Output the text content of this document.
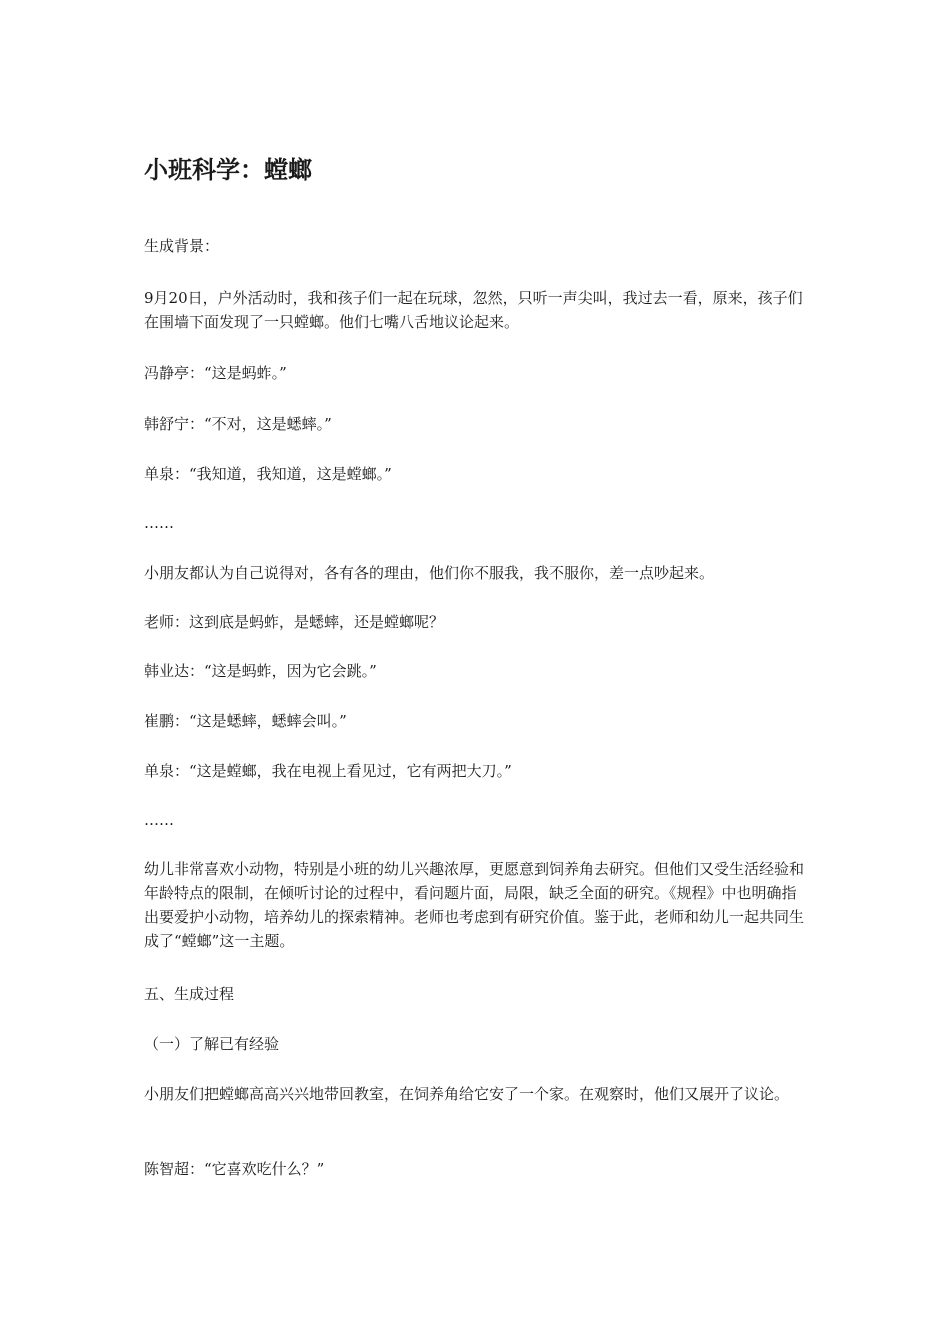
小班科学：螳螂

生成背景：

9月20日，户外活动时，我和孩子们一起在玩球，忽然，只听一声尖叫，我过去一看，原来，孩子们在围墙下面发现了一只螳螂。他们七嘴八舌地议论起来。

冯静亭：“这是蚂蚱。”

韩舒宁：“不对，这是蟋蟀。”

单泉：“我知道，我知道，这是螳螂。”

……

小朋友都认为自己说得对，各有各的理由，他们你不服我，我不服你，差一点吵起来。

老师：这到底是蚂蚱，是蟋蟀，还是螳螂呢？

韩业达：“这是蚂蚱，因为它会跳。”

崔鹏：“这是蟋蟀，蟋蟀会叫。”

单泉：“这是螳螂，我在电视上看见过，它有两把大刀。”

……

幼儿非常喜欢小动物，特别是小班的幼儿兴趣浓厚，更愿意到饲养角去研究。但他们又受生活经验和年龄特点的限制，在倾听讨论的过程中，看问题片面，局限，缺乏全面的研究。《规程》中也明确指出要爱护小动物，培养幼儿的探索精神。老师也考虑到有研究价值。鉴于此，老师和幼儿一起共同生成了“螳螂”这一主题。

五、生成过程

（一）了解已有经验

小朋友们把螳螂高高兴兴地带回教室，在饲养角给它安了一个家。在观察时，他们又展开了议论。

陈智超：“它喜欢吃什么？”
